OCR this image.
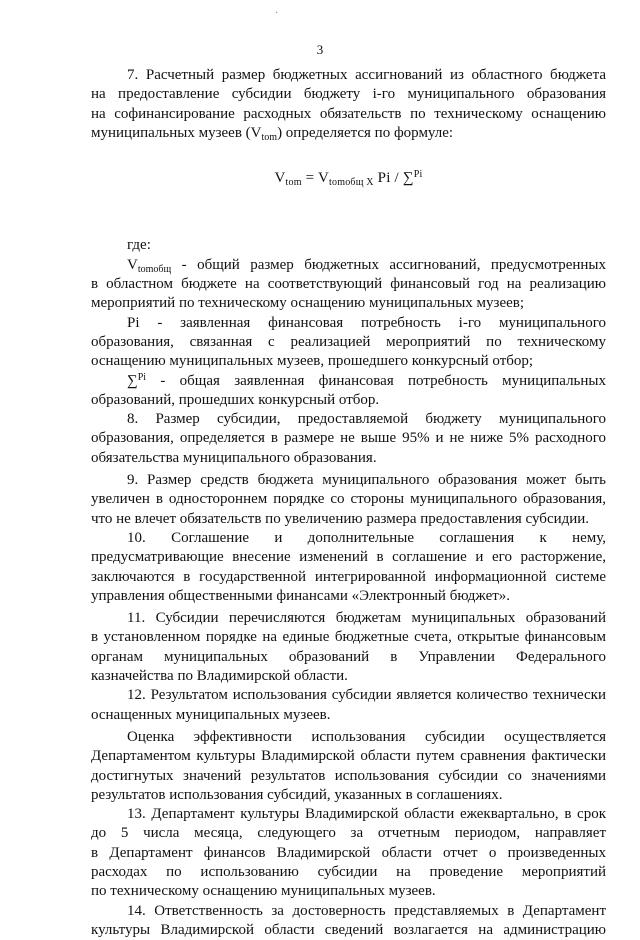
·
3

7. Расчетный размер бюджетных ассигнований из областного бюджета

на предоставление субсидии бюджету i-го муниципального образования

на софинансирование расходных обязательств по техническому оснащению

муниципальных музеев $(V_{tom})$ определяется по формуле:

$V_{tom} = V_{tomобщ X}$ Pi / ∑$^{Pi}$

где:

$V_{tomобщ}$ - общий размер бюджетных ассигнований, предусмотренных

в областном бюджете на соответствующий финансовый год на реализацию

мероприятий по техническому оснащению муниципальных музеев;

Pi - заявленная финансовая потребность i-го муниципального

образования, связанная с реализацией мероприятий по техническому

оснащению муниципальных музеев, прошедшего конкурсный отбор;

∑$^{Pi}$ - общая заявленная финансовая потребность муниципальных

образований, прошедших конкурсный отбор.

8. Размер субсидии, предоставляемой бюджету муниципального

образования, определяется в размере не выше 95% и не ниже 5% расходного

обязательства муниципального образования.

9. Размер средств бюджета муниципального образования может быть

увеличен в одностороннем порядке со стороны муниципального образования,

что не влечет обязательств по увеличению размера предоставления субсидии.

10. Соглашение и дополнительные соглашения к нему,

предусматривающие внесение изменений в соглашение и его расторжение,

заключаются в государственной интегрированной информационной системе

управления общественными финансами «Электронный бюджет».

11. Субсидии перечисляются бюджетам муниципальных образований

в установленном порядке на единые бюджетные счета, открытые финансовым

органам муниципальных образований в Управлении Федерального

казначейства по Владимирской области.

12. Результатом использования субсидии является количество технически

оснащенных муниципальных музеев.

Оценка эффективности использования субсидии осуществляется

Департаментом культуры Владимирской области путем сравнения фактически

достигнутых значений результатов использования субсидии со значениями

результатов использования субсидий, указанных в соглашениях.

13. Департамент культуры Владимирской области ежеквартально, в срок

до 5 числа месяца, следующего за отчетным периодом, направляет

в Департамент финансов Владимирской области отчет о произведенных

расходах по использованию субсидии на проведение мероприятий

по техническому оснащению муниципальных музеев.

14. Ответственность за достоверность представляемых в Департамент

культуры Владимирской области сведений возлагается на администрацию
